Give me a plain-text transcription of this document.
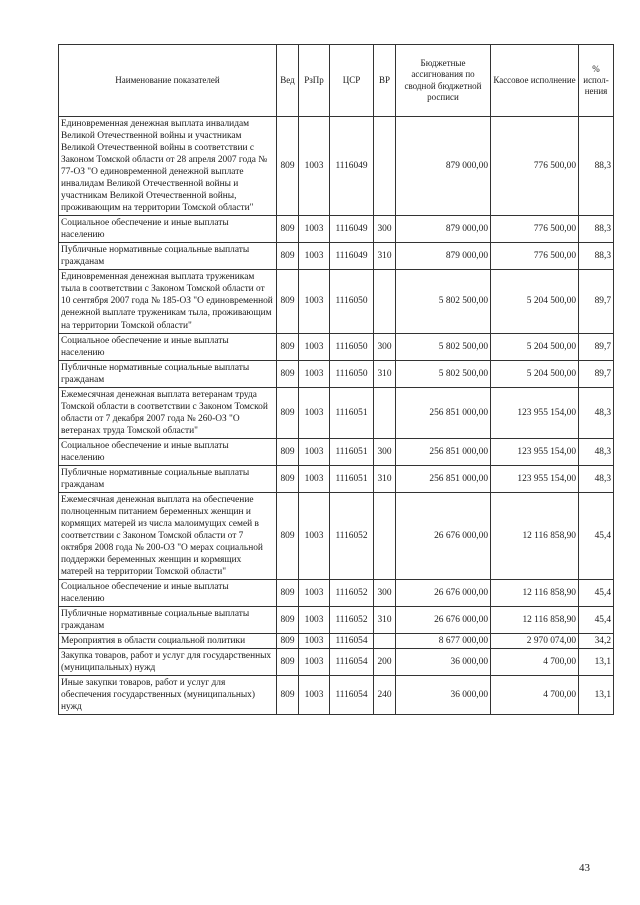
Наименование показателей	Вед	РзПр	ЦСР	ВР	Бюджетные ассигнования по сводной бюджетной росписи	Кассовое исполнение	% испол-нения
Единовременная денежная выплата инвалидам Великой Отечественной войны и участникам Великой Отечественной войны в соответствии с Законом Томской области от 28 апреля 2007 года № 77-ОЗ "О единовременной денежной выплате инвалидам Великой Отечественной войны и участникам Великой Отечественной войны, проживающим на территории Томской области"	809	1003	1116049		879 000,00	776 500,00	88,3
Социальное обеспечение и иные выплаты населению	809	1003	1116049	300	879 000,00	776 500,00	88,3
Публичные нормативные социальные выплаты гражданам	809	1003	1116049	310	879 000,00	776 500,00	88,3
Единовременная денежная выплата труженикам тыла в соответствии с Законом Томской области от 10 сентября 2007 года № 185-ОЗ "О единовременной денежной выплате труженикам тыла, проживающим на территории Томской области"	809	1003	1116050		5 802 500,00	5 204 500,00	89,7
Социальное обеспечение и иные выплаты населению	809	1003	1116050	300	5 802 500,00	5 204 500,00	89,7
Публичные нормативные социальные выплаты гражданам	809	1003	1116050	310	5 802 500,00	5 204 500,00	89,7
Ежемесячная денежная выплата ветеранам труда Томской области в соответствии с Законом Томской области от 7 декабря 2007 года № 260-ОЗ "О ветеранах труда Томской области"	809	1003	1116051		256 851 000,00	123 955 154,00	48,3
Социальное обеспечение и иные выплаты населению	809	1003	1116051	300	256 851 000,00	123 955 154,00	48,3
Публичные нормативные социальные выплаты гражданам	809	1003	1116051	310	256 851 000,00	123 955 154,00	48,3
Ежемесячная денежная выплата на обеспечение полноценным питанием беременных женщин и кормящих матерей из числа малоимущих семей в соответствии с Законом Томской области от 7 октября 2008 года № 200-ОЗ "О мерах социальной поддержки беременных женщин и кормящих матерей на территории Томской области"	809	1003	1116052		26 676 000,00	12 116 858,90	45,4
Социальное обеспечение и иные выплаты населению	809	1003	1116052	300	26 676 000,00	12 116 858,90	45,4
Публичные нормативные социальные выплаты гражданам	809	1003	1116052	310	26 676 000,00	12 116 858,90	45,4
Мероприятия в области социальной политики	809	1003	1116054		8 677 000,00	2 970 074,00	34,2
Закупка товаров, работ и услуг для государственных (муниципальных) нужд	809	1003	1116054	200	36 000,00	4 700,00	13,1
Иные закупки товаров, работ и услуг для обеспечения государственных (муниципальных) нужд	809	1003	1116054	240	36 000,00	4 700,00	13,1
43
